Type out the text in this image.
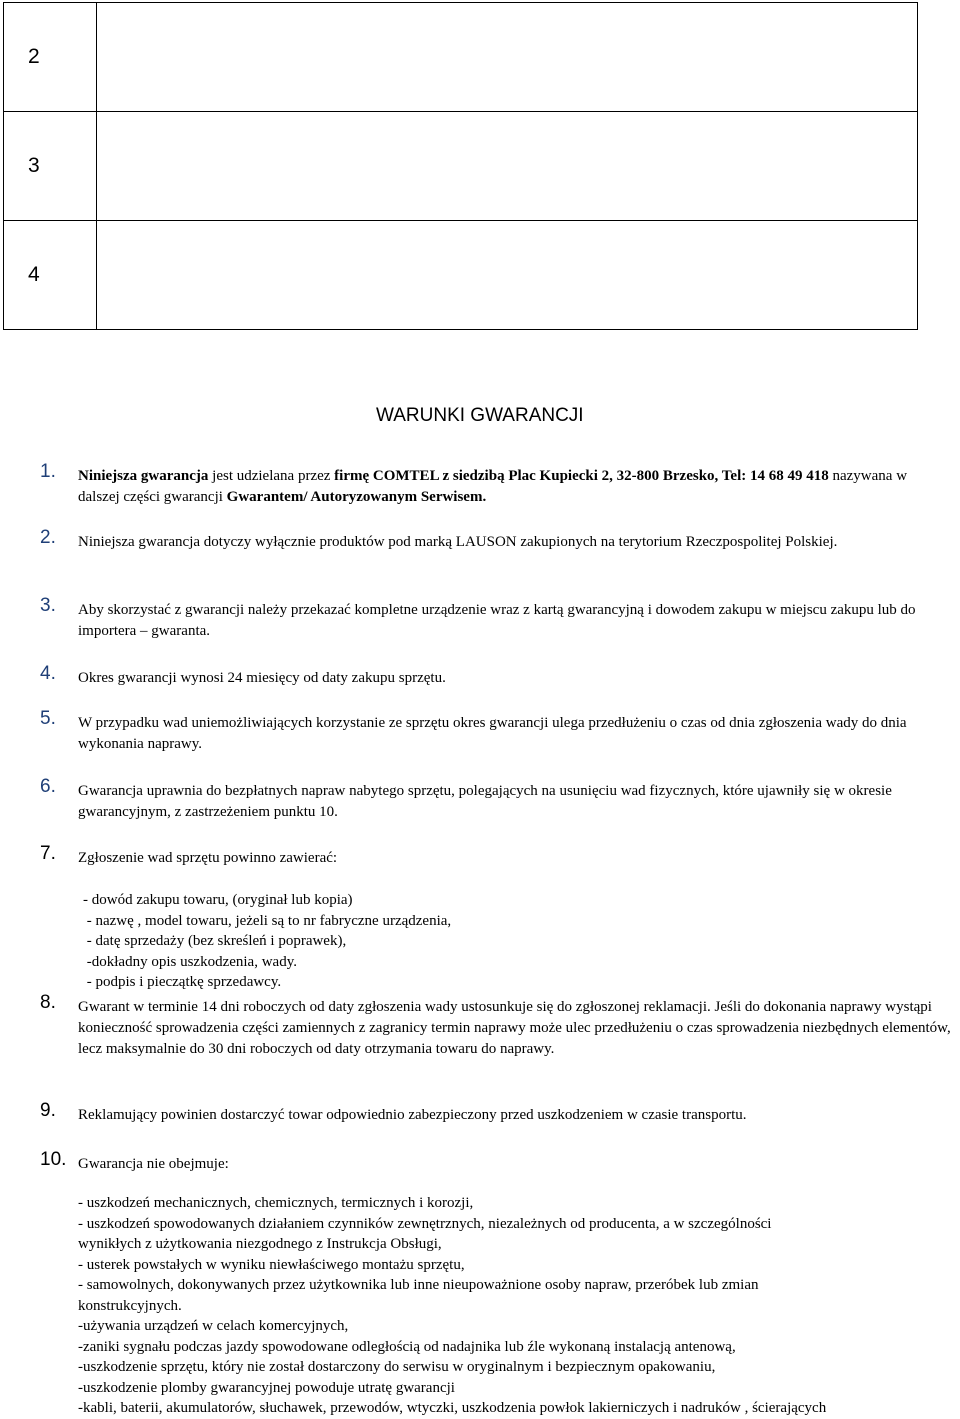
2	
3	
4	
WARUNKI GWARANCJI
1. Niniejsza gwarancja jest udzielana przez firmę COMTEL z siedzibą Plac Kupiecki 2, 32-800 Brzesko, Tel: 14 68 49 418 nazywana w dalszej części gwarancji Gwarantem/ Autoryzowanym Serwisem.
2. Niniejsza gwarancja dotyczy wyłącznie produktów pod marką LAUSON zakupionych na terytorium Rzeczpospolitej Polskiej.
3. Aby skorzystać z gwarancji należy przekazać kompletne urządzenie wraz z kartą gwarancyjną i dowodem zakupu w miejscu zakupu lub do importera – gwaranta.
4. Okres gwarancji wynosi 24 miesięcy od daty zakupu sprzętu.
5. W przypadku wad uniemożliwiających korzystanie ze sprzętu okres gwarancji ulega przedłużeniu o czas od dnia zgłoszenia wady do dnia wykonania naprawy.
6. Gwarancja uprawnia do bezpłatnych napraw nabytego sprzętu, polegających na usunięciu wad fizycznych, które ujawniły się w okresie gwarancyjnym, z zastrzeżeniem punktu 10.
7. Zgłoszenie wad sprzętu powinno zawierać:
- dowód zakupu towaru, (oryginał lub kopia)
- nazwę , model towaru, jeżeli są to nr fabryczne urządzenia,
- datę sprzedaży (bez skreśleń i poprawek),
-dokładny opis uszkodzenia, wady.
- podpis i pieczątkę sprzedawcy.
8. Gwarant w terminie 14 dni roboczych od daty zgłoszenia wady ustosunkuje się do zgłoszonej reklamacji. Jeśli do dokonania naprawy wystąpi konieczność sprowadzenia części zamiennych z zagranicy termin naprawy może ulec przedłużeniu o czas sprowadzenia niezbędnych elementów, lecz maksymalnie do 30 dni roboczych od daty otrzymania towaru do naprawy.
9. Reklamujący powinien dostarczyć towar odpowiednio zabezpieczony przed uszkodzeniem w czasie transportu.
10. Gwarancja nie obejmuje:
- uszkodzeń mechanicznych, chemicznych, termicznych i korozji,
- uszkodzeń spowodowanych działaniem czynników zewnętrznych, niezależnych od producenta, a w szczególności
wynikłych z użytkowania niezgodnego z Instrukcja Obsługi,
- usterek powstałych w wyniku niewłaściwego montażu sprzętu,
- samowolnych, dokonywanych przez użytkownika lub inne nieupoważnione osoby napraw, przeróbek lub zmian
konstrukcyjnych.
-używania urządzeń w celach komercyjnych,
-zaniki sygnału podczas jazdy spowodowane odległością od nadajnika lub źle wykonaną instalacją antenową,
-uszkodzenie sprzętu, który nie został dostarczony do serwisu w oryginalnym i bezpiecznym opakowaniu,
-uszkodzenie plomby gwarancyjnej powoduje utratę gwarancji
-kabli, baterii, akumulatorów, słuchawek, przewodów, wtyczki, uszkodzenia powłok lakierniczych i nadruków , ścierających
